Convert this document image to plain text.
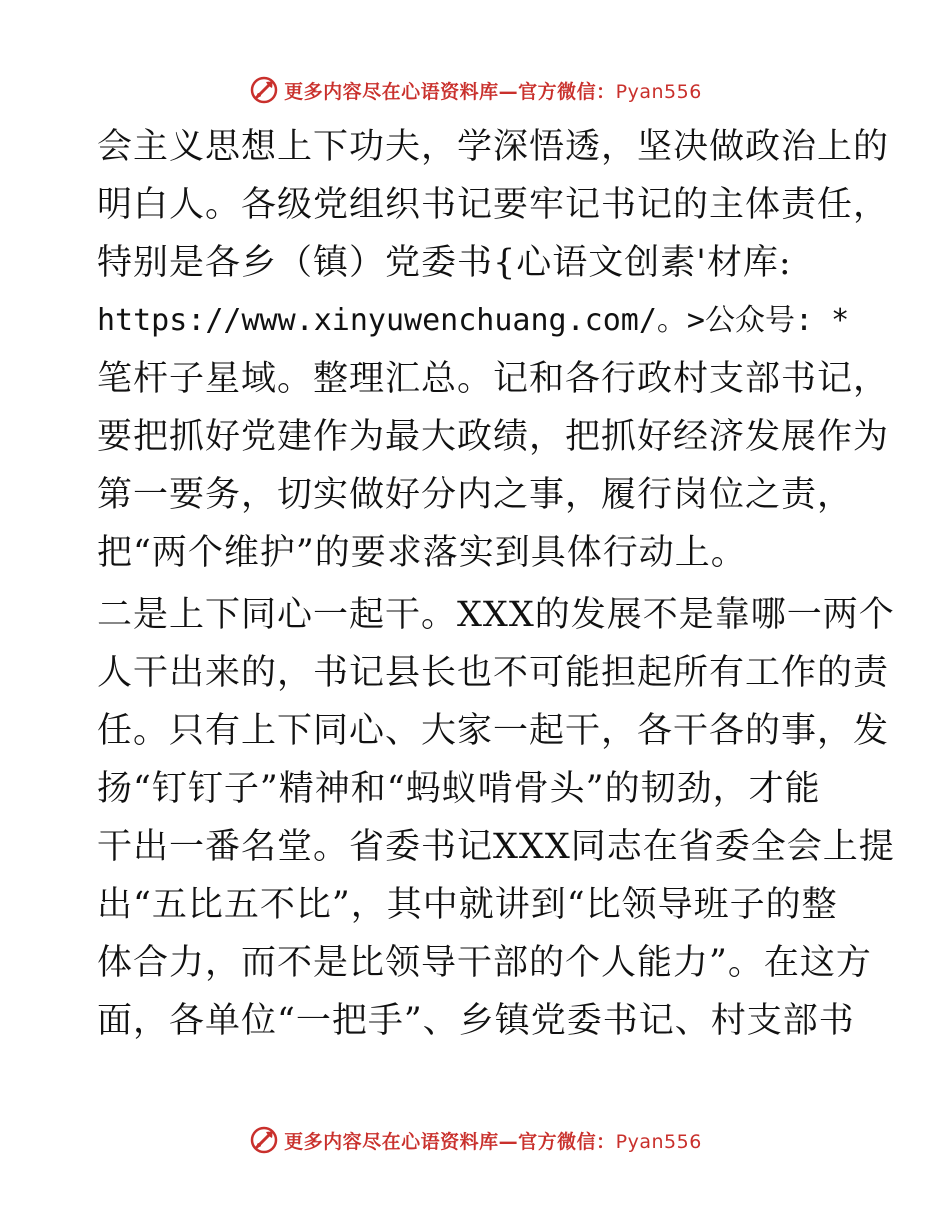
更多内容尽在心语资料库—官方微信：Pyan556
会主义思想上下功夫，学深悟透，坚决做政治上的
明白人。各级党组织书记要牢记书记的主体责任，
特别是各乡（镇）党委书{心语文创素'材库:
https://www.xinyuwenchuang.com/。>公众号: *
笔杆子星域。整理汇总。记和各行政村支部书记，
要把抓好党建作为最大政绩，把抓好经济发展作为
第一要务，切实做好分内之事，履行岗位之责，
把“两个维护”的要求落实到具体行动上。
二是上下同心一起干。XXX的发展不是靠哪一两个
人干出来的，书记县长也不可能担起所有工作的责
任。只有上下同心、大家一起干，各干各的事，发
扬“钉钉子”精神和“蚂蚁啃骨头”的韧劲，才能
干出一番名堂。省委书记XXX同志在省委全会上提
出“五比五不比”，其中就讲到“比领导班子的整
体合力，而不是比领导干部的个人能力”。在这方
面，各单位“一把手”、乡镇党委书记、村支部书
更多内容尽在心语资料库—官方微信：Pyan556
